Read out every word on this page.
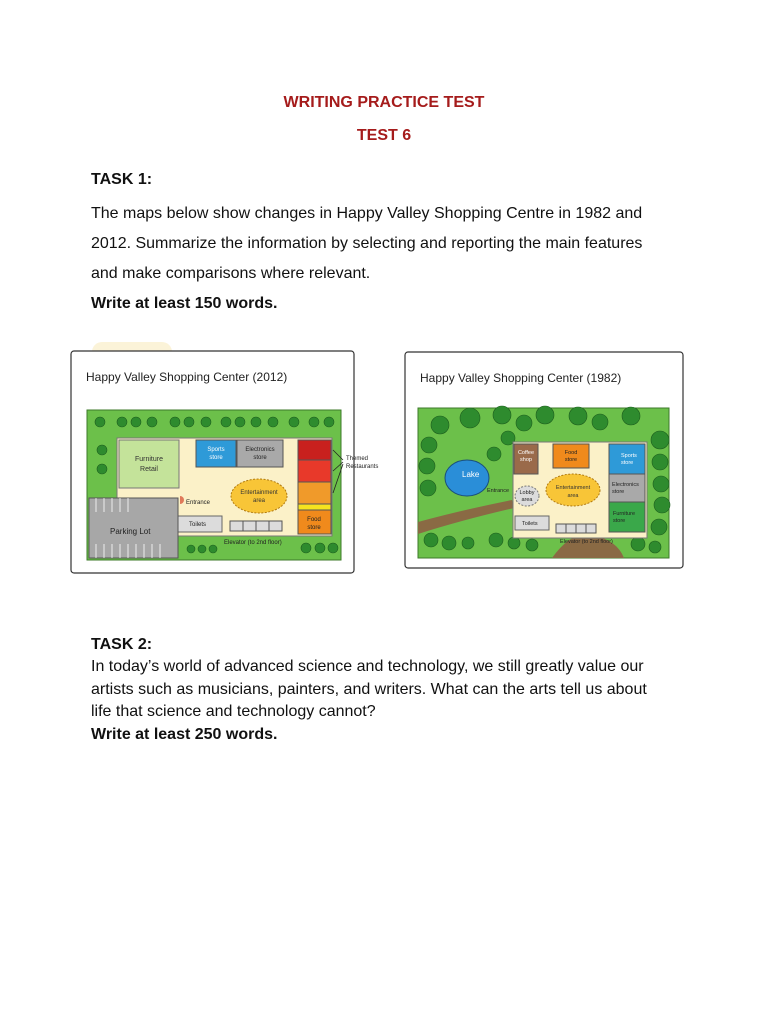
WRITING PRACTICE TEST
TEST 6
TASK 1:
The maps below show changes in Happy Valley Shopping Centre in 1982 and
2012. Summarize the information by selecting and reporting the main features
and make comparisons where relevant.
Write at least 150 words.
Happy Valley Shopping Center (2012)
Furniture
Retail
Sports
store
Electronics
store
Food
store
Themed
Restaurants
Entertainment
area
Entrance
Toilets
Elevator (to 2nd floor)
Parking Lot
Happy Valley Shopping Center (1982)
Lake
Coffee
shop
Food
store
Sports
store
Electronics
store
Furniture
store
Entrance Lobby
area
Entertainment
area
Toilets
Elevator (to 2nd floor)
TASK 2:
In today’s world of advanced science and technology, we still greatly value our
artists such as musicians, painters, and writers. What can the arts tell us about
life that science and technology cannot?
Write at least 250 words.
